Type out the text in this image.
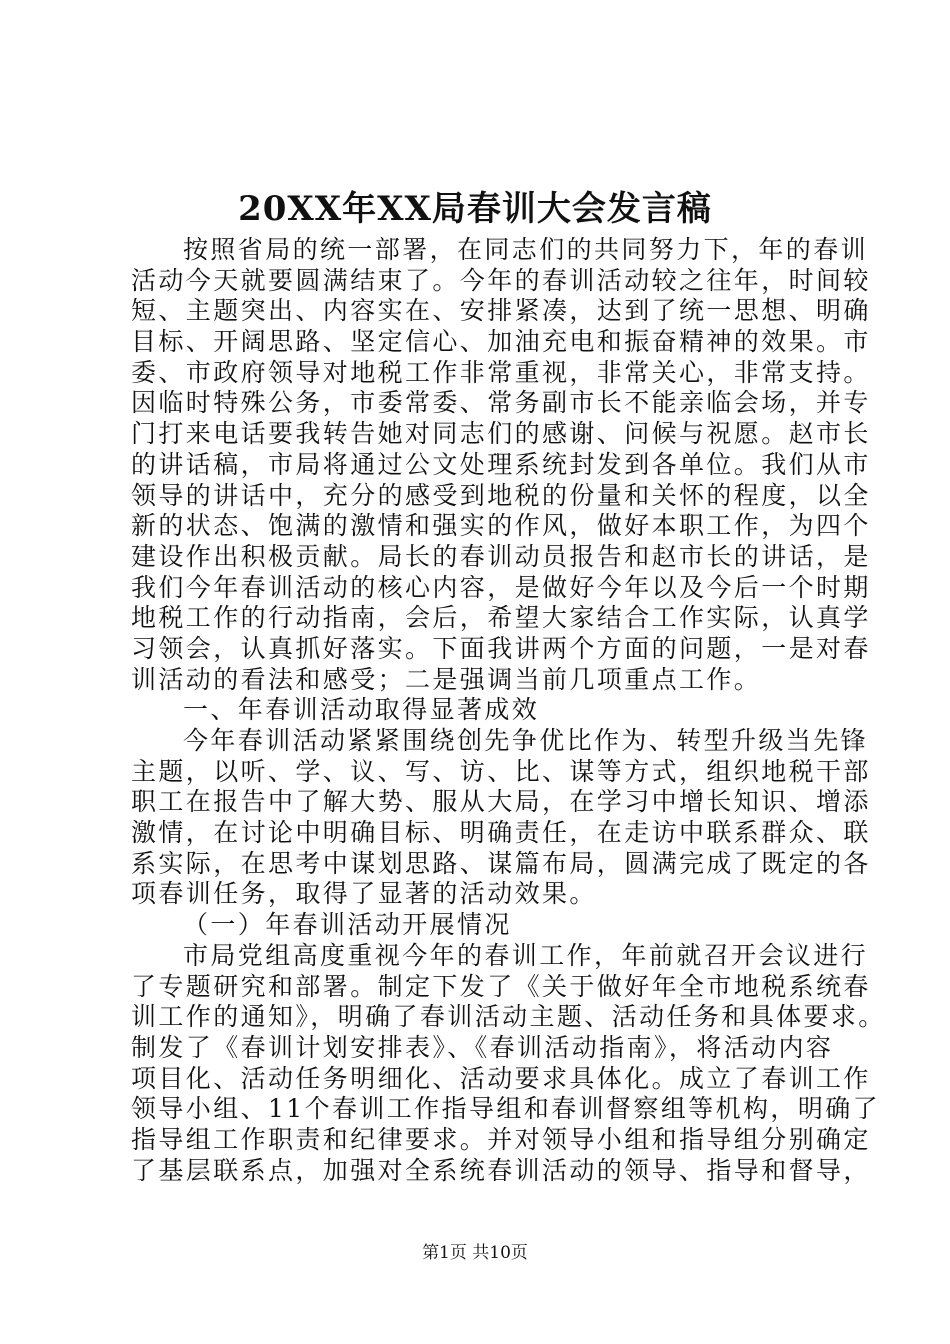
20XX年XX局春训大会发言稿
按照省局的统一部署，在同志们的共同努力下，年的春训
活动今天就要圆满结束了。今年的春训活动较之往年，时间较
短、主题突出、内容实在、安排紧凑，达到了统一思想、明确
目标、开阔思路、坚定信心、加油充电和振奋精神的效果。市
委、市政府领导对地税工作非常重视，非常关心，非常支持。
因临时特殊公务，市委常委、常务副市长不能亲临会场，并专
门打来电话要我转告她对同志们的感谢、问候与祝愿。赵市长
的讲话稿，市局将通过公文处理系统封发到各单位。我们从市
领导的讲话中，充分的感受到地税的份量和关怀的程度，以全
新的状态、饱满的激情和强实的作风，做好本职工作，为四个
建设作出积极贡献。局长的春训动员报告和赵市长的讲话，是
我们今年春训活动的核心内容，是做好今年以及今后一个时期
地税工作的行动指南，会后，希望大家结合工作实际，认真学
习领会，认真抓好落实。下面我讲两个方面的问题，一是对春
训活动的看法和感受；二是强调当前几项重点工作。
一、年春训活动取得显著成效
今年春训活动紧紧围绕创先争优比作为、转型升级当先锋
主题，以听、学、议、写、访、比、谋等方式，组织地税干部
职工在报告中了解大势、服从大局，在学习中增长知识、增添
激情，在讨论中明确目标、明确责任，在走访中联系群众、联
系实际，在思考中谋划思路、谋篇布局，圆满完成了既定的各
项春训任务，取得了显著的活动效果。
（一）年春训活动开展情况
市局党组高度重视今年的春训工作，年前就召开会议进行
了专题研究和部署。制定下发了《关于做好年全市地税系统春
训工作的通知》，明确了春训活动主题、活动任务和具体要求。
制发了《春训计划安排表》、《春训活动指南》，将活动内容
项目化、活动任务明细化、活动要求具体化。成立了春训工作
领导小组、11个春训工作指导组和春训督察组等机构，明确了
指导组工作职责和纪律要求。并对领导小组和指导组分别确定
了基层联系点，加强对全系统春训活动的领导、指导和督导，
第1页 共10页
